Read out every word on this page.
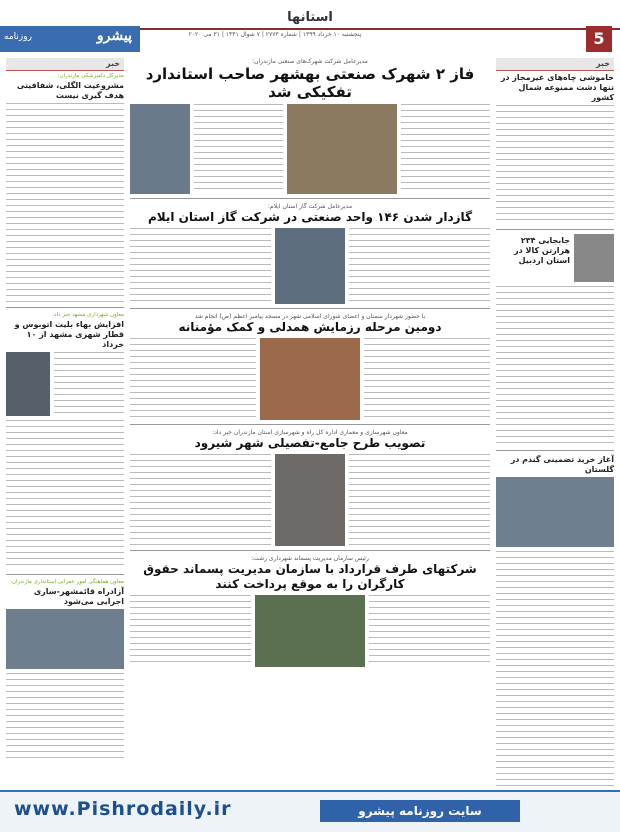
استانها
5
پنجشنبه ۱۰ خرداد ۱۳۹۹ | شماره ۲۷۷۳ | ۷ شوال ۱۴۴۱ | ۳۱ می ۲۰۲۰
پیشرو
روزنامه
خبر
خاموشی چاه‌های غیرمجاز در تنها دشت ممنوعه شمال کشور
جابجایی ۲۳۴ هزارتن کالا در استان اردبیل
آغاز خرید تضمینی گندم در گلستان
مدیرعامل شرکت شهرک‌های صنعتی مازندران:
فاز ۲ شهرک صنعتی بهشهر صاحب استاندارد تفکیکی شد
مدیرعامل شرکت گاز استان ایلام:
گازدار شدن ۱۴۶ واحد صنعتی در شرکت گاز استان ایلام
با حضور شهردار سمنان و اعضای شورای اسلامی شهر در مسجد پیامبر اعظم (ص) انجام شد
دومین مرحله رزمایش همدلی و کمک مؤمنانه
معاون شهرسازی و معماری اداره کل راه و شهرسازی استان مازندران خبر داد:
تصویب طرح جامع-تفصیلی شهر شیرود
رئیس سازمان مدیریت پسماند شهرداری رشت:
شرکتهای طرف قرارداد با سازمان مدیریت پسماند حقوق کارگران را به موقع پرداخت کنند
خبر
مدیرکل دامپزشکی مازندران:
مشروعیت الگلی، شفافیتی هدف گیری نیست
معاون شهرداری مشهد خبر داد:
افزایش بهاء بلیت اتوبوس و قطار شهری مشهد از ۱۰ خرداد
معاون هماهنگی امور عمرانی استانداری مازندران:
آزادراه قائمشهر-ساری اجرایی می‌شود
www.Pishrodaily.ir	سایت روزنامه پیشرو
